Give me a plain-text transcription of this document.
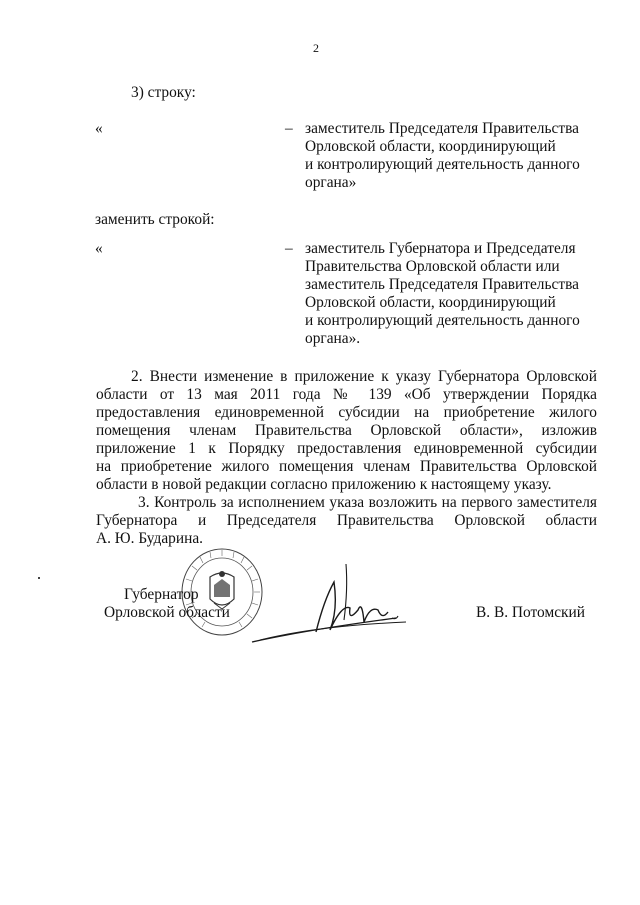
2
3) строку:
«	– заместитель Председателя Правительства
Орловской области, координирующий
и контролирующий деятельность данного
органа»
заменить строкой:
«	– заместитель Губернатора и Председателя
Правительства Орловской области или
заместитель Председателя Правительства
Орловской области, координирующий
и контролирующий деятельность данного
органа».
2. Внести изменение в приложение к указу Губернатора Орловской
области от 13 мая 2011 года № 139 «Об утверждении Порядка
предоставления единовременной субсидии на приобретение жилого
помещения членам Правительства Орловской области», изложив
приложение 1 к Порядку предоставления единовременной субсидии
на приобретение жилого помещения членам Правительства Орловской
области в новой редакции согласно приложению к настоящему указу.
3. Контроль за исполнением указа возложить на первого заместителя
Губернатора и Председателя Правительства Орловской области
А. Ю. Бударина.
Губернатор
Орловской области	В. В. Потомский
